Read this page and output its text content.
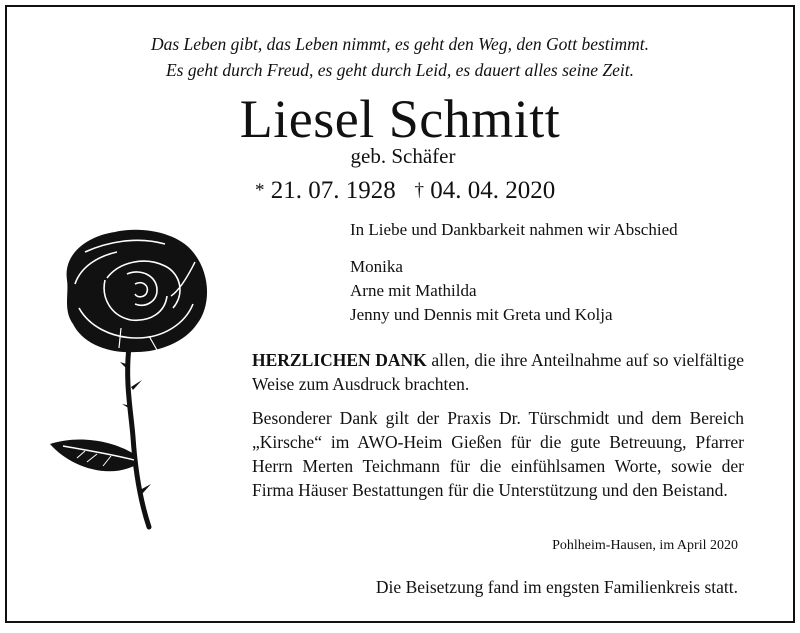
Das Leben gibt, das Leben nimmt, es geht den Weg, den Gott bestimmt.
Es geht durch Freud, es geht durch Leid, es dauert alles seine Zeit.
Liesel Schmitt
geb. Schäfer
* 21. 07. 1928 † 04. 04. 2020
In Liebe und Dankbarkeit nahmen wir Abschied
Monika
Arne mit Mathilda
Jenny und Dennis mit Greta und Kolja
HERZLICHEN DANK allen, die ihre Anteilnahme auf so vielfältige Weise zum Ausdruck brachten.
Besonderer Dank gilt der Praxis Dr. Türschmidt und dem Bereich „Kirsche“ im AWO-Heim Gießen für die gute Betreuung, Pfarrer Herrn Merten Teichmann für die einfühlsamen Worte, sowie der Firma Häuser Bestattungen für die Unterstützung und den Beistand.
Pohlheim-Hausen, im April 2020
Die Beisetzung fand im engsten Familienkreis statt.
